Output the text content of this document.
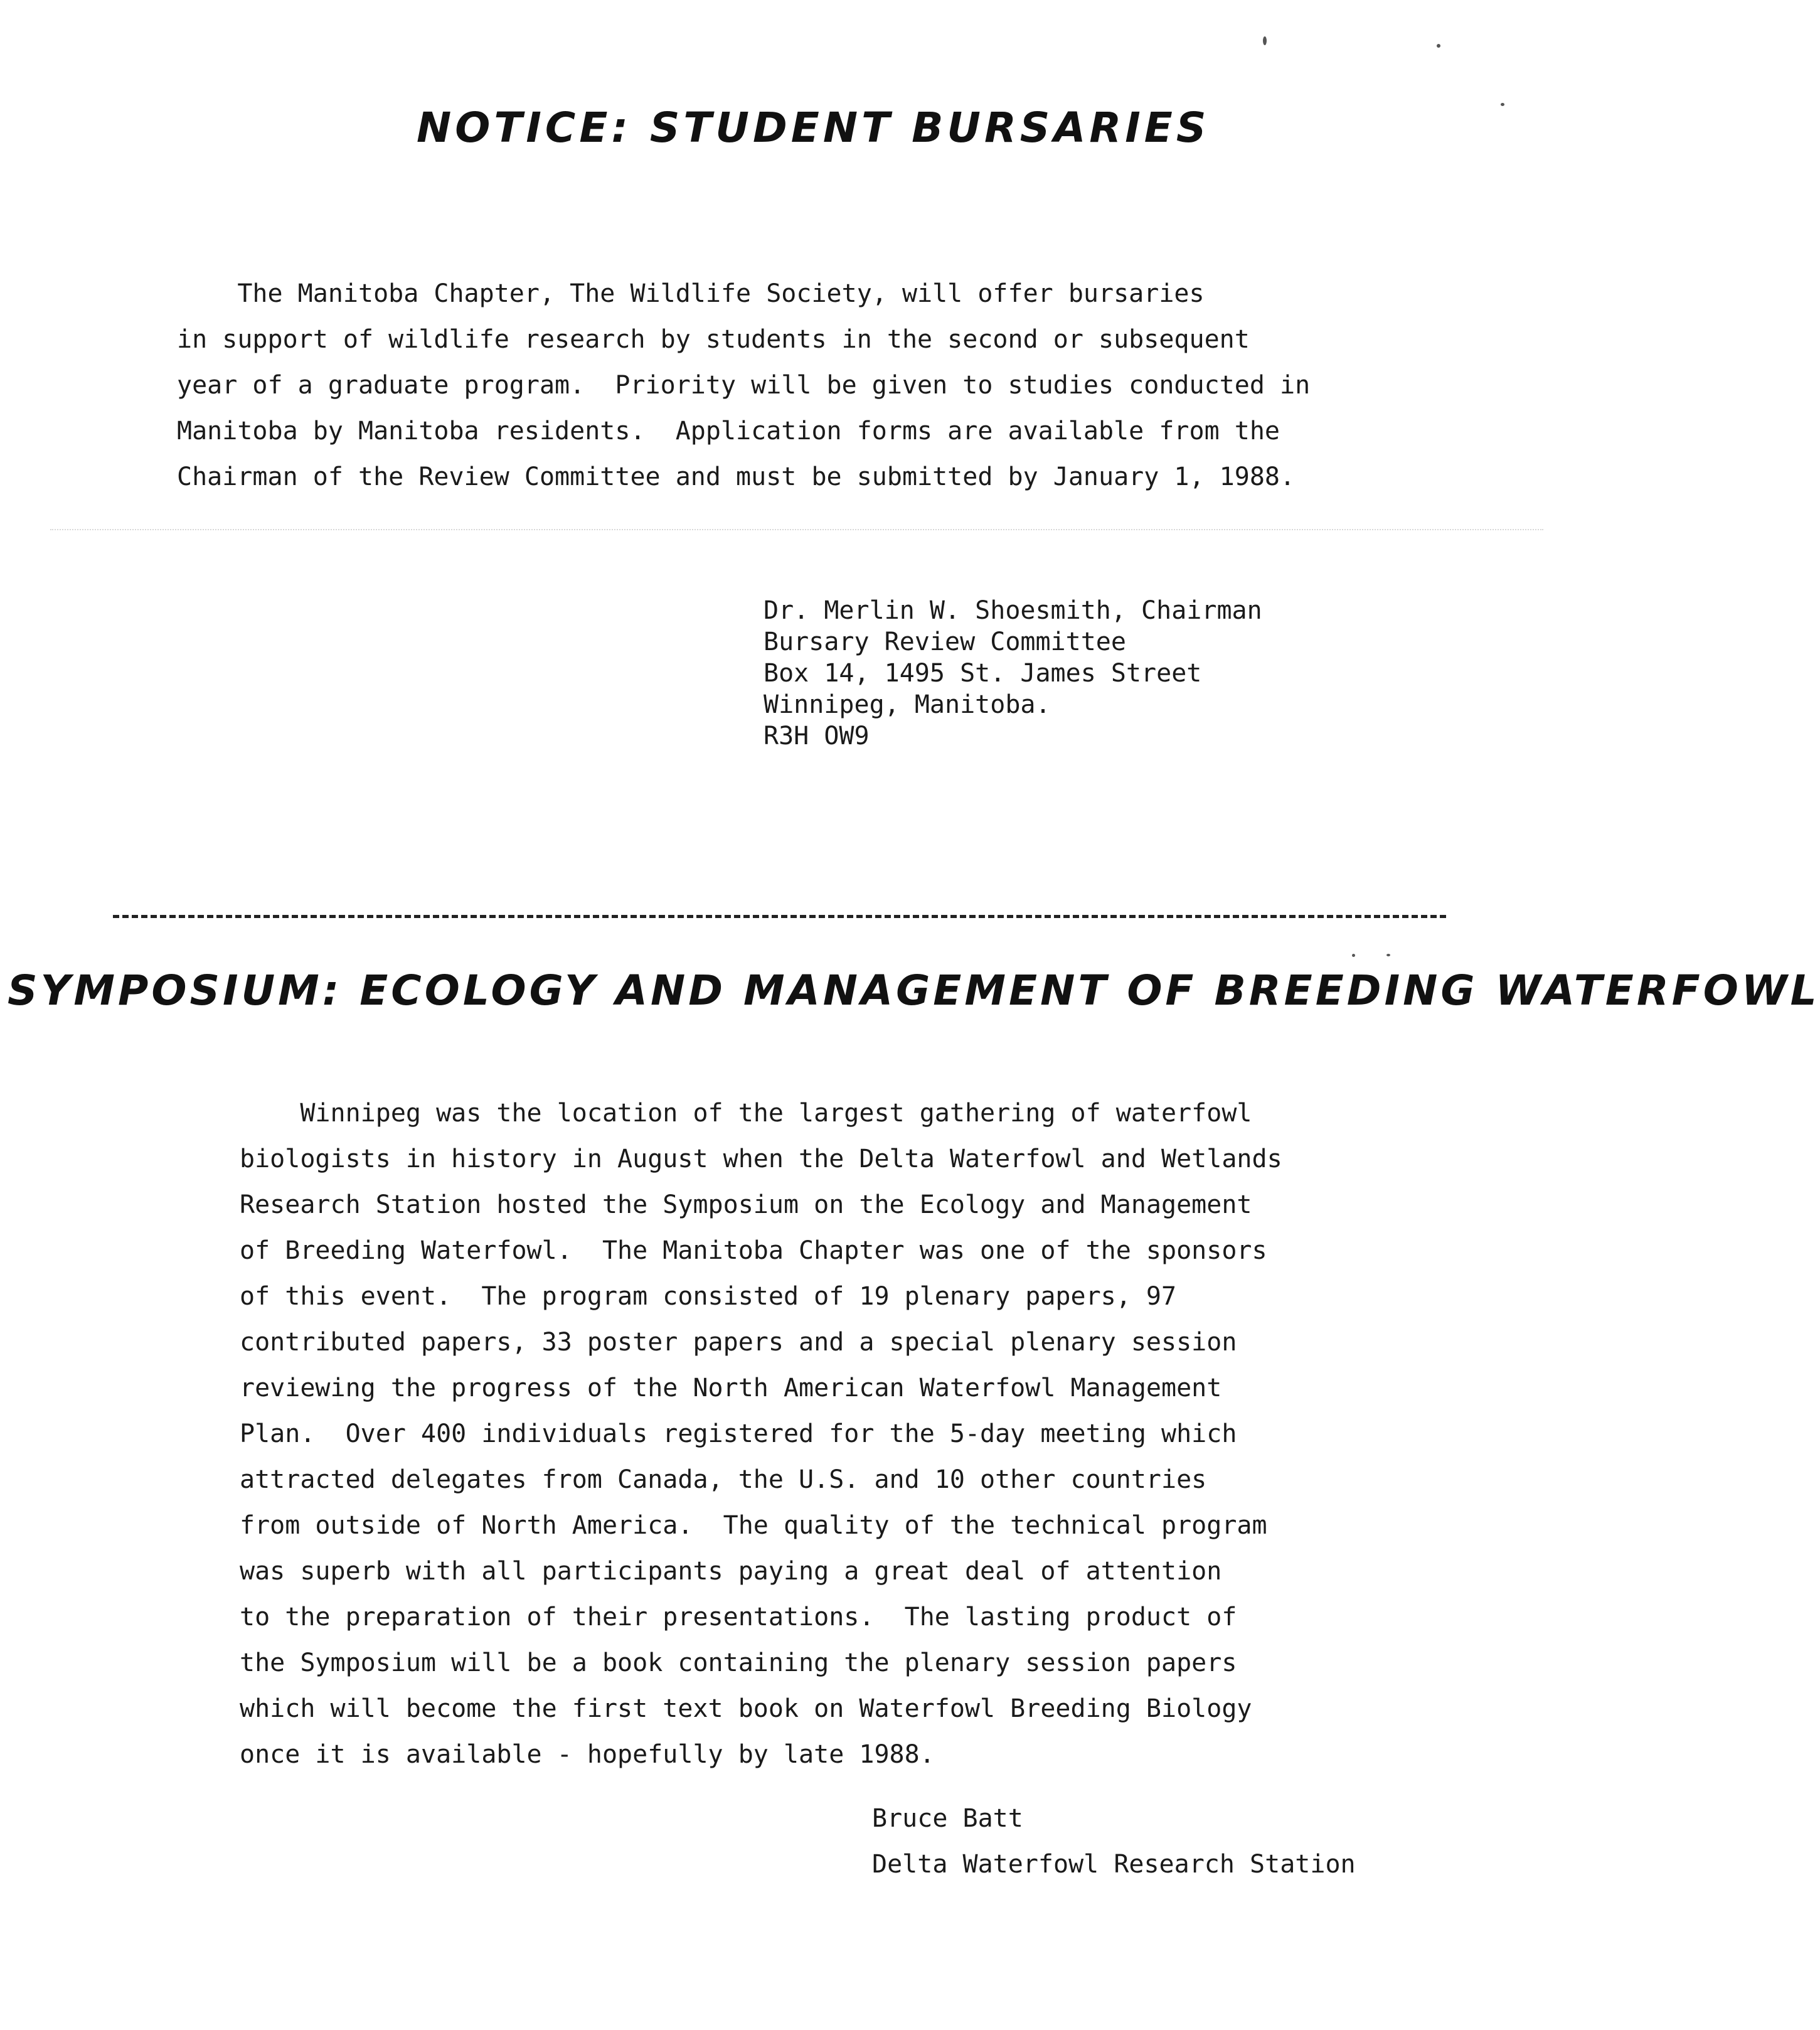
NOTICE: STUDENT BURSARIES

The Manitoba Chapter, The Wildlife Society, will offer bursaries
in support of wildlife research by students in the second or subsequent
year of a graduate program.  Priority will be given to studies conducted in
Manitoba by Manitoba residents.  Application forms are available from the
Chairman of the Review Committee and must be submitted by January 1, 1988.

Dr. Merlin W. Shoesmith, Chairman
Bursary Review Committee
Box 14, 1495 St. James Street
Winnipeg, Manitoba.
R3H OW9

SYMPOSIUM: ECOLOGY AND MANAGEMENT OF BREEDING WATERFOWL

Winnipeg was the location of the largest gathering of waterfowl
biologists in history in August when the Delta Waterfowl and Wetlands
Research Station hosted the Symposium on the Ecology and Management
of Breeding Waterfowl.  The Manitoba Chapter was one of the sponsors
of this event.  The program consisted of 19 plenary papers, 97
contributed papers, 33 poster papers and a special plenary session
reviewing the progress of the North American Waterfowl Management
Plan.  Over 400 individuals registered for the 5-day meeting which
attracted delegates from Canada, the U.S. and 10 other countries
from outside of North America.  The quality of the technical program
was superb with all participants paying a great deal of attention
to the preparation of their presentations.  The lasting product of
the Symposium will be a book containing the plenary session papers
which will become the first text book on Waterfowl Breeding Biology
once it is available - hopefully by late 1988.

Bruce Batt
Delta Waterfowl Research Station
